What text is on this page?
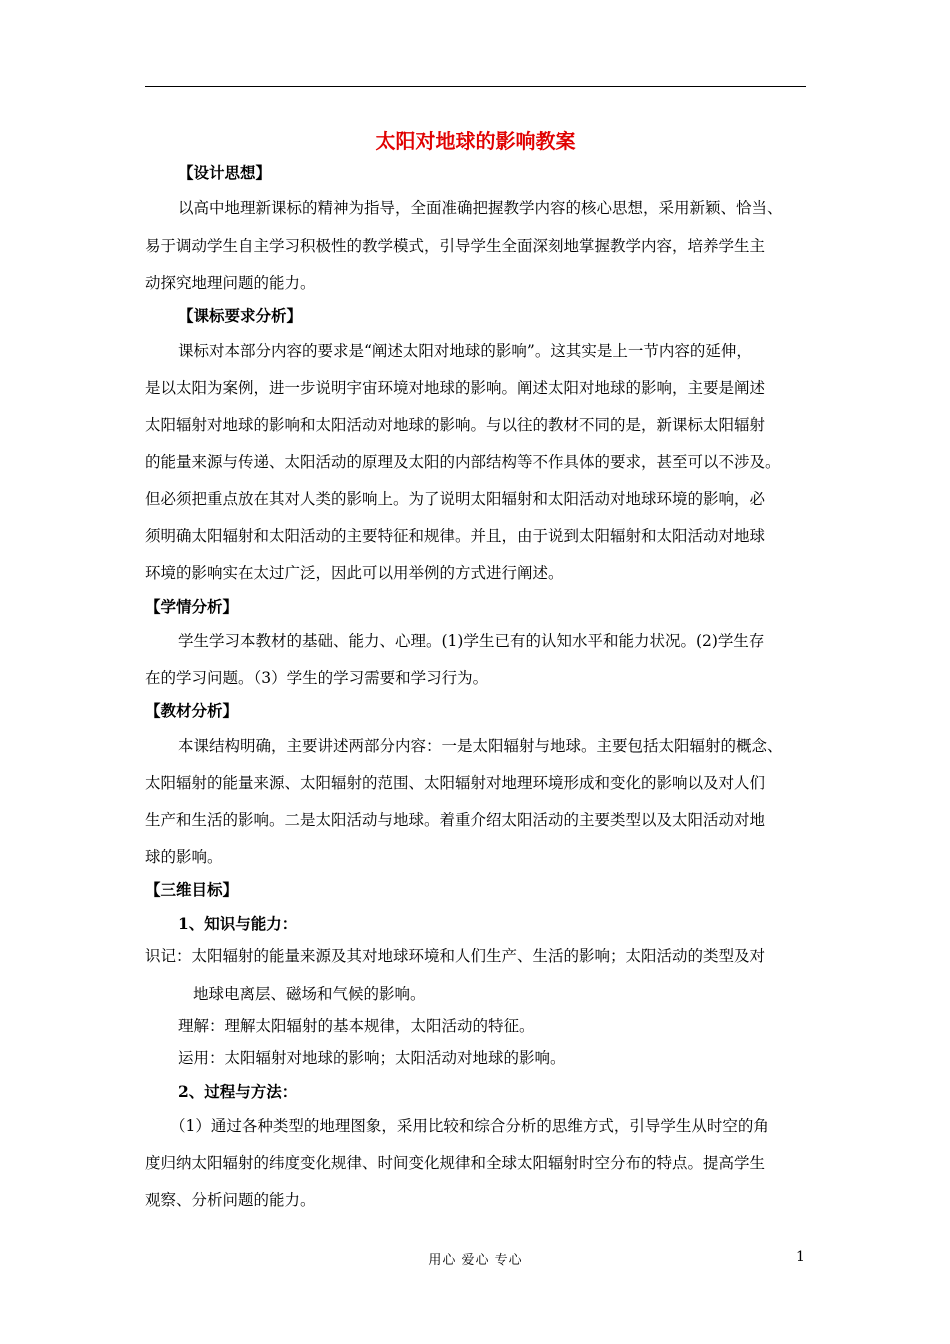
太阳对地球的影响教案
【设计思想】
以高中地理新课标的精神为指导，全面准确把握教学内容的核心思想，采用新颖、恰当、
易于调动学生自主学习积极性的教学模式，引导学生全面深刻地掌握教学内容，培养学生主
动探究地理问题的能力。
【课标要求分析】
课标对本部分内容的要求是“阐述太阳对地球的影响”。这其实是上一节内容的延伸，
是以太阳为案例，进一步说明宇宙环境对地球的影响。阐述太阳对地球的影响，主要是阐述
太阳辐射对地球的影响和太阳活动对地球的影响。与以往的教材不同的是，新课标太阳辐射
的能量来源与传递、太阳活动的原理及太阳的内部结构等不作具体的要求，甚至可以不涉及。
但必须把重点放在其对人类的影响上。为了说明太阳辐射和太阳活动对地球环境的影响，必
须明确太阳辐射和太阳活动的主要特征和规律。并且，由于说到太阳辐射和太阳活动对地球
环境的影响实在太过广泛，因此可以用举例的方式进行阐述。
【学情分析】
学生学习本教材的基础、能力、心理。(1)学生已有的认知水平和能力状况。(2)学生存
在的学习问题。（3）学生的学习需要和学习行为。
【教材分析】
本课结构明确，主要讲述两部分内容：一是太阳辐射与地球。主要包括太阳辐射的概念、
太阳辐射的能量来源、太阳辐射的范围、太阳辐射对地理环境形成和变化的影响以及对人们
生产和生活的影响。二是太阳活动与地球。着重介绍太阳活动的主要类型以及太阳活动对地
球的影响。
【三维目标】
1、知识与能力：
识记：太阳辐射的能量来源及其对地球环境和人们生产、生活的影响；太阳活动的类型及对
地球电离层、磁场和气候的影响。
理解：理解太阳辐射的基本规律，太阳活动的特征。
运用：太阳辐射对地球的影响；太阳活动对地球的影响。
2、过程与方法：
（1）通过各种类型的地理图象，采用比较和综合分析的思维方式，引导学生从时空的角
度归纳太阳辐射的纬度变化规律、时间变化规律和全球太阳辐射时空分布的特点。提高学生
观察、分析问题的能力。
用心 爱心 专心	1
